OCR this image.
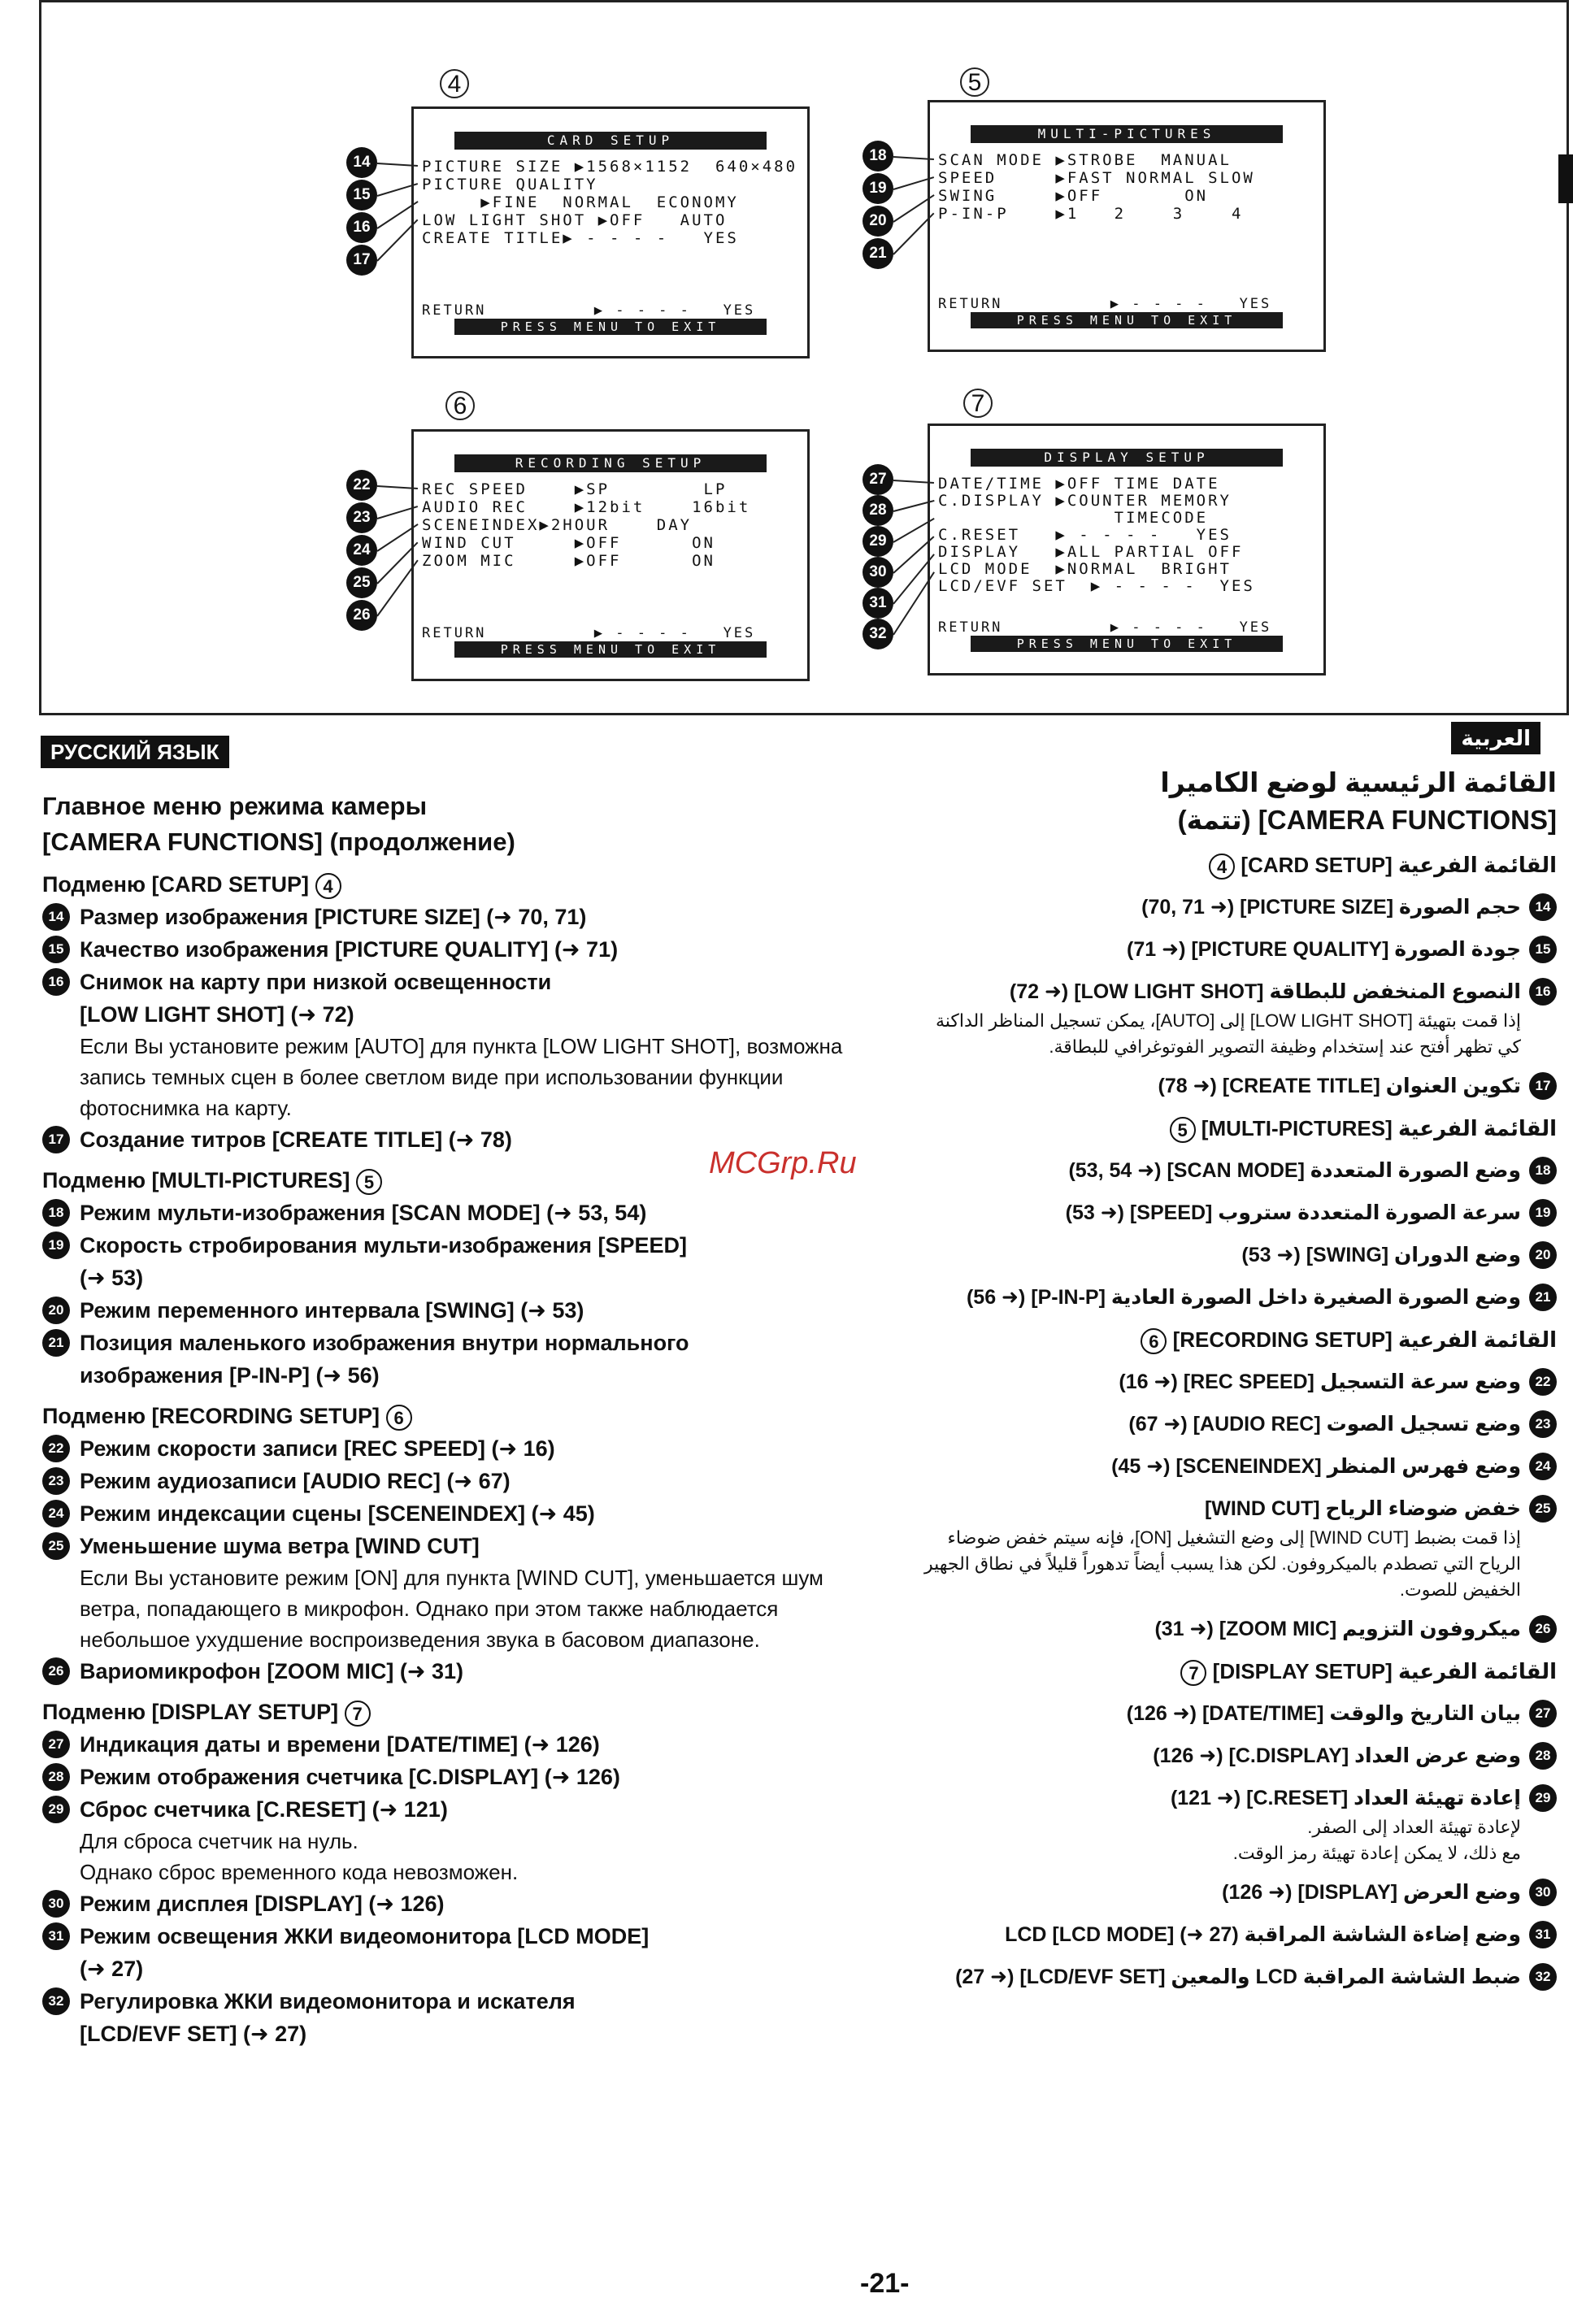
4
CARD SETUP
PICTURE SIZE ▶1568×1152  640×480
PICTURE QUALITY
▶FINE  NORMAL  ECONOMY
LOW LIGHT SHOT ▶OFF   AUTO
CREATE TITLE▶ - - - -   YES
RETURN          ▶ - - - -   YES
PRESS MENU TO EXIT
14
15
16
17
5
MULTI-PICTURES
SCAN MODE ▶STROBE  MANUAL
SPEED     ▶FAST NORMAL SLOW
SWING     ▶OFF       ON
P-IN-P    ▶1   2    3    4
RETURN          ▶ - - - -   YES
PRESS MENU TO EXIT
18
19
20
21
6
RECORDING SETUP
REC SPEED    ▶SP        LP
AUDIO REC    ▶12bit    16bit
SCENEINDEX▶2HOUR    DAY
WIND CUT     ▶OFF      ON
ZOOM MIC     ▶OFF      ON
RETURN          ▶ - - - -   YES
PRESS MENU TO EXIT
22
23
24
25
26
7
DISPLAY SETUP
DATE/TIME ▶OFF TIME DATE
C.DISPLAY ▶COUNTER MEMORY
TIMECODE
C.RESET   ▶ - - - -   YES
DISPLAY   ▶ALL PARTIAL OFF
LCD MODE  ▶NORMAL  BRIGHT
LCD/EVF SET  ▶ - - - -  YES
RETURN          ▶ - - - -   YES
PRESS MENU TO EXIT
27
28
29
30
31
32
РУССКИЙ ЯЗЫК
العربية
Главное меню режима камеры
[CAMERA FUNCTIONS] (продолжение)
Подменю [CARD SETUP] 4
14 Размер изображения [PICTURE SIZE] (➜ 70, 71)
15 Качество изображения [PICTURE QUALITY] (➜ 71)
16 Снимок на карту при низкой освещенности
[LOW LIGHT SHOT] (➜ 72)
Если Вы установите режим [AUTO] для пункта [LOW LIGHT SHOT], возможна запись темных сцен в более светлом виде при использовании функции фотоснимка на карту.
17 Создание титров [CREATE TITLE] (➜ 78)
Подменю [MULTI-PICTURES] 5
18 Режим мульти-изображения [SCAN MODE] (➜ 53, 54)
19 Скорость стробирования мульти-изображения [SPEED]
(➜ 53)
20 Режим переменного интервала [SWING] (➜ 53)
21 Позиция маленького изображения внутри нормального
изображения [P-IN-P] (➜ 56)
Подменю [RECORDING SETUP] 6
22 Режим скорости записи [REC SPEED] (➜ 16)
23 Режим аудиозаписи [AUDIO REC] (➜ 67)
24 Режим индексации сцены [SCENEINDEX] (➜ 45)
25 Уменьшение шума ветра [WIND CUT]
Если Вы установите режим [ON] для пункта [WIND CUT], уменьшается шум ветра, попадающего в микрофон. Однако при этом также наблюдается небольшое ухудшение воспроизведения звука в басовом диапазоне.
26 Вариомикрофон [ZOOM MIC] (➜ 31)
Подменю [DISPLAY SETUP] 7
27 Индикация даты и времени [DATE/TIME] (➜ 126)
28 Режим отображения счетчика [C.DISPLAY] (➜ 126)
29 Сброс счетчика [C.RESET] (➜ 121)
Для сброса счетчик на нуль.
Однако сброс временного кода невозможен.
30 Режим дисплея [DISPLAY] (➜ 126)
31 Режим освещения ЖКИ видеомонитора [LCD MODE]
(➜ 27)
32 Регулировка ЖКИ видеомонитора и искателя
[LCD/EVF SET] (➜ 27)
القائمة الرئيسية لوضع الكاميرا
[CAMERA FUNCTIONS] (تتمة)
القائمة الفرعية [CARD SETUP] 4
14
حجم الصورة [PICTURE SIZE] (➜ 70, 71)
15
جودة الصورة [PICTURE QUALITY] (➜ 71)
16
النصوع المنخفض للبطاقة [LOW LIGHT SHOT] (➜ 72)
إذا قمت بتهيئة [LOW LIGHT SHOT] إلى [AUTO]، يمكن تسجيل المناظر الداكنة كي تظهر أفتح عند إستخدام وظيفة التصوير الفوتوغرافي للبطاقة.
17
تكوين العنوان [CREATE TITLE] (➜ 78)
القائمة الفرعية [MULTI-PICTURES] 5
18
وضع الصورة المتعددة [SCAN MODE] (➜ 53, 54)
19
سرعة الصورة المتعددة ستروب [SPEED] (➜ 53)
20
وضع الدوران [SWING] (➜ 53)
21
وضع الصورة الصغيرة داخل الصورة العادية [P-IN-P] (➜ 56)
القائمة الفرعية [RECORDING SETUP] 6
22
وضع سرعة التسجيل [REC SPEED] (➜ 16)
23
وضع تسجيل الصوت [AUDIO REC] (➜ 67)
24
وضع فهرس المنظر [SCENEINDEX] (➜ 45)
25
خفض ضوضاء الرياح [WIND CUT]
إذا قمت بضبط [WIND CUT] إلى وضع التشغيل [ON]، فإنه سيتم خفض ضوضاء الرياح التي تصطدم بالميكروفون. لكن هذا يسبب أيضاً تدهوراً قليلاً في نطاق الجهير الخفيض للصوت.
26
ميكروفون التزويم [ZOOM MIC] (➜ 31)
القائمة الفرعية [DISPLAY SETUP] 7
27
بيان التاريخ والوقت [DATE/TIME] (➜ 126)
28
وضع عرض العداد [C.DISPLAY] (➜ 126)
29
إعادة تهيئة العداد [C.RESET] (➜ 121)
لإعادة تهيئة العداد إلى الصفر.
مع ذلك، لا يمكن إعادة تهيئة رمز الوقت.
30
وضع العرض [DISPLAY] (➜ 126)
31
وضع إضاءة الشاشة المراقبة LCD [LCD MODE] (➜ 27)
32
ضبط الشاشة المراقبة LCD والمعين [LCD/EVF SET] (➜ 27)
MCGrp.Ru
-21-
